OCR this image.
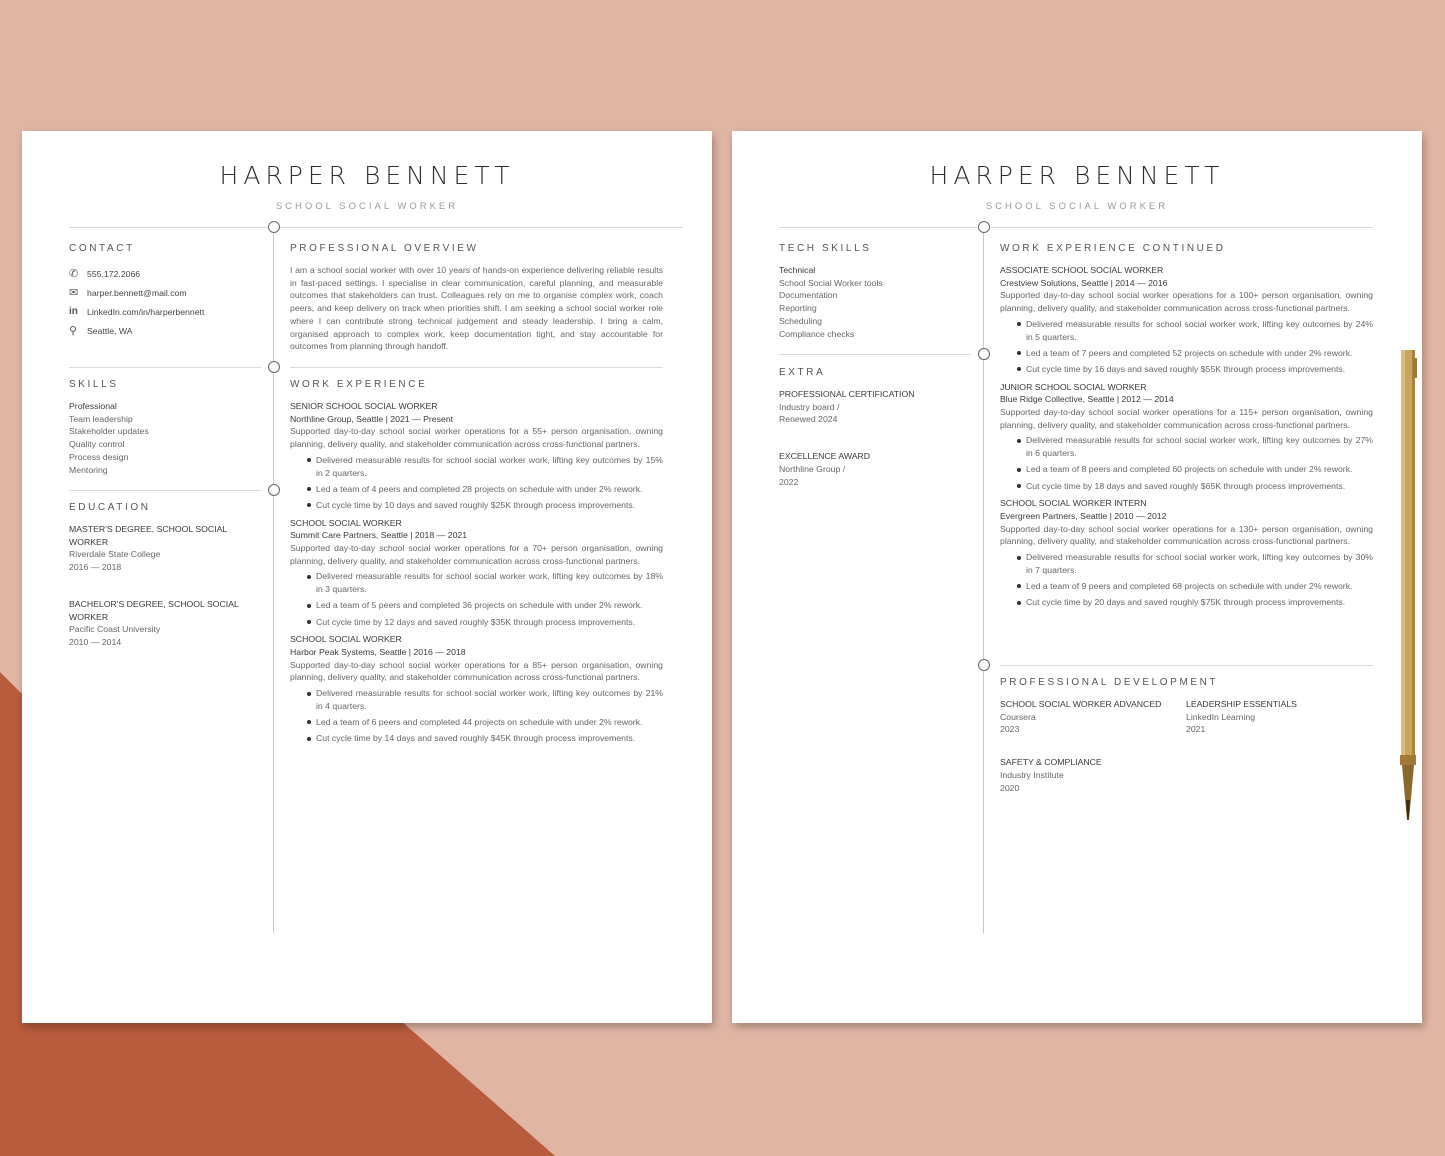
HARPER BENNETT
SCHOOL SOCIAL WORKER
CONTACT
✆	555.172.2066
✉	harper.bennett@mail.com
in	LinkedIn.com/in/harperbennett
⚲	Seattle, WA
SKILLS
Professional
Team leadership
Stakeholder updates
Quality control
Process design
Mentoring
EDUCATION
MASTER'S DEGREE, SCHOOL SOCIAL WORKER
Riverdale State College
2016 — 2018
BACHELOR'S DEGREE, SCHOOL SOCIAL WORKER
Pacific Coast University
2010 — 2014
PROFESSIONAL OVERVIEW
I am a school social worker with over 10 years of hands-on experience delivering reliable results in fast-paced settings. I specialise in clear communication, careful planning, and measurable outcomes that stakeholders can trust. Colleagues rely on me to organise complex work, coach peers, and keep delivery on track when priorities shift. I am seeking a school social worker role where I can contribute strong technical judgement and steady leadership. I bring a calm, organised approach to complex work, keep documentation tight, and stay accountable for outcomes from planning through handoff.
WORK EXPERIENCE
SENIOR SCHOOL SOCIAL WORKER
Northline Group, Seattle | 2021 — Present
Supported day-to-day school social worker operations for a 55+ person organisation, owning planning, delivery quality, and stakeholder communication across cross-functional partners.
Delivered measurable results for school social worker work, lifting key outcomes by 15% in 2 quarters.
Led a team of 4 peers and completed 28 projects on schedule with under 2% rework.
Cut cycle time by 10 days and saved roughly $25K through process improvements.
SCHOOL SOCIAL WORKER
Summit Care Partners, Seattle | 2018 — 2021
Supported day-to-day school social worker operations for a 70+ person organisation, owning planning, delivery quality, and stakeholder communication across cross-functional partners.
Delivered measurable results for school social worker work, lifting key outcomes by 18% in 3 quarters.
Led a team of 5 peers and completed 36 projects on schedule with under 2% rework.
Cut cycle time by 12 days and saved roughly $35K through process improvements.
SCHOOL SOCIAL WORKER
Harbor Peak Systems, Seattle | 2016 — 2018
Supported day-to-day school social worker operations for a 85+ person organisation, owning planning, delivery quality, and stakeholder communication across cross-functional partners.
Delivered measurable results for school social worker work, lifting key outcomes by 21% in 4 quarters.
Led a team of 6 peers and completed 44 projects on schedule with under 2% rework.
Cut cycle time by 14 days and saved roughly $45K through process improvements.
HARPER BENNETT
SCHOOL SOCIAL WORKER
TECH SKILLS
Technical
School Social Worker tools
Documentation
Reporting
Scheduling
Compliance checks
EXTRA
PROFESSIONAL CERTIFICATION
Industry board /
Renewed 2024
EXCELLENCE AWARD
Northline Group /
2022
WORK EXPERIENCE CONTINUED
ASSOCIATE SCHOOL SOCIAL WORKER
Crestview Solutions, Seattle | 2014 — 2016
Supported day-to-day school social worker operations for a 100+ person organisation, owning planning, delivery quality, and stakeholder communication across cross-functional partners.
Delivered measurable results for school social worker work, lifting key outcomes by 24% in 5 quarters.
Led a team of 7 peers and completed 52 projects on schedule with under 2% rework.
Cut cycle time by 16 days and saved roughly $55K through process improvements.
JUNIOR SCHOOL SOCIAL WORKER
Blue Ridge Collective, Seattle | 2012 — 2014
Supported day-to-day school social worker operations for a 115+ person organisation, owning planning, delivery quality, and stakeholder communication across cross-functional partners.
Delivered measurable results for school social worker work, lifting key outcomes by 27% in 6 quarters.
Led a team of 8 peers and completed 60 projects on schedule with under 2% rework.
Cut cycle time by 18 days and saved roughly $65K through process improvements.
SCHOOL SOCIAL WORKER INTERN
Evergreen Partners, Seattle | 2010 — 2012
Supported day-to-day school social worker operations for a 130+ person organisation, owning planning, delivery quality, and stakeholder communication across cross-functional partners.
Delivered measurable results for school social worker work, lifting key outcomes by 30% in 7 quarters.
Led a team of 9 peers and completed 68 projects on schedule with under 2% rework.
Cut cycle time by 20 days and saved roughly $75K through process improvements.
PROFESSIONAL DEVELOPMENT
SCHOOL SOCIAL WORKER ADVANCED
Coursera
2023
LEADERSHIP ESSENTIALS
LinkedIn Learning
2021
SAFETY & COMPLIANCE
Industry Institute
2020
